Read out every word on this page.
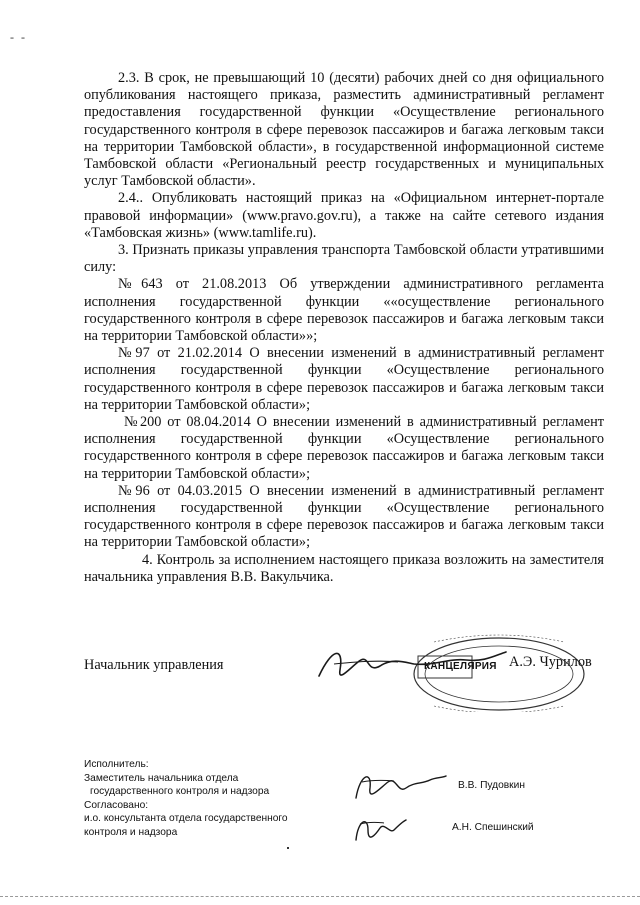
- -

2.3. В срок, не превышающий 10 (десяти) рабочих дней со дня официального опубликования настоящего приказа, разместить административный регламент предоставления государственной функции «Осуществление регионального государственного контроля в сфере перевозок пассажиров и багажа легковым такси на территории Тамбовской области», в государственной информационной системе Тамбовской области «Региональный реестр государственных и муниципальных услуг Тамбовской области».

2.4.. Опубликовать настоящий приказ на «Официальном интернет-портале правовой информации» (www.pravo.gov.ru), а также на сайте сетевого издания «Тамбовская жизнь» (www.tamlife.ru).

3. Признать приказы управления транспорта Тамбовской области утратившими силу:

№643 от 21.08.2013 Об утверждении административного регламента исполнения государственной функции ««осуществление регионального государственного контроля в сфере перевозок пассажиров и багажа легковым такси на территории Тамбовской области»»;

№97 от 21.02.2014 О внесении изменений в административный регламент исполнения государственной функции «Осуществление регионального государственного контроля в сфере перевозок пассажиров и багажа легковым такси на территории Тамбовской области»;

№200 от 08.04.2014 О внесении изменений в административный регламент исполнения государственной функции «Осуществление регионального государственного контроля в сфере перевозок пассажиров и багажа легковым такси на территории Тамбовской области»;

№96 от 04.03.2015 О внесении изменений в административный регламент исполнения государственной функции «Осуществление регионального государственного контроля в сфере перевозок пассажиров и багажа легковым такси на территории Тамбовской области»;

4. Контроль за исполнением настоящего приказа возложить на заместителя начальника управления В.В. Вакульчика.

Начальник управления	КАНЦЕЛЯРИЯ А.Э. Чурилов
Исполнитель:
Заместитель начальника отдела
государственного контроля и надзора
Согласовано:
и.о. консультанта отдела государственного
контроля и надзора
В.В. Пудовкин
А.Н. Спешинский
